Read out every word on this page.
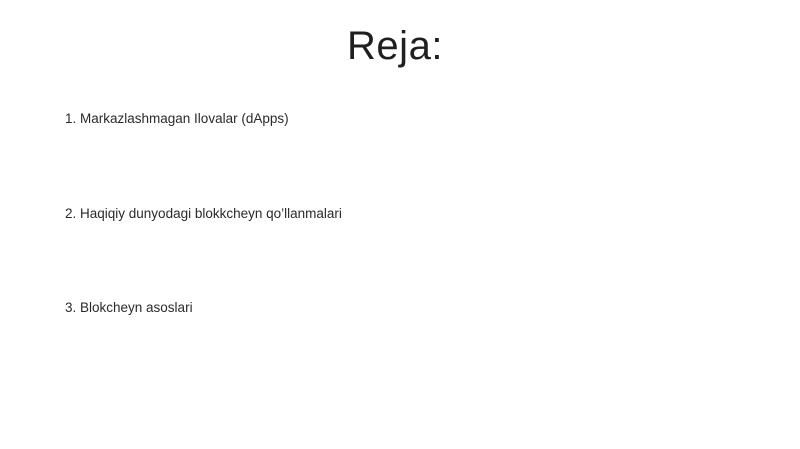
Reja:
1. Markazlashmagan Ilovalar (dApps)
2. Haqiqiy dunyodagi blokkcheyn qo’llanmalari
3. Blokcheyn asoslari
